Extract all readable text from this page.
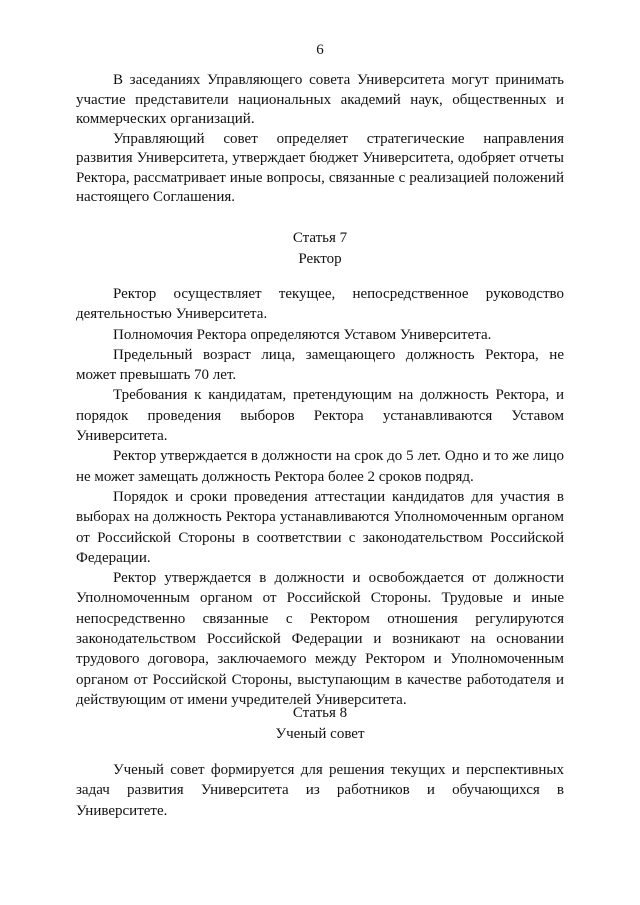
6

В заседаниях Управляющего совета Университета могут принимать участие представители национальных академий наук, общественных и коммерческих организаций.

Управляющий совет определяет стратегические направления развития Университета, утверждает бюджет Университета, одобряет отчеты Ректора, рассматривает иные вопросы, связанные с реализацией положений настоящего Соглашения.

Статья 7

Ректор

Ректор осуществляет текущее, непосредственное руководство деятельностью Университета.

Полномочия Ректора определяются Уставом Университета.

Предельный возраст лица, замещающего должность Ректора, не может превышать 70 лет.

Требования к кандидатам, претендующим на должность Ректора, и порядок проведения выборов Ректора устанавливаются Уставом Университета.

Ректор утверждается в должности на срок до 5 лет. Одно и то же лицо не может замещать должность Ректора более 2 сроков подряд.

Порядок и сроки проведения аттестации кандидатов для участия в выборах на должность Ректора устанавливаются Уполномоченным органом от Российской Стороны в соответствии с законодательством Российской Федерации.

Ректор утверждается в должности и освобождается от должности Уполномоченным органом от Российской Стороны. Трудовые и иные непосредственно связанные с Ректором отношения регулируются законодательством Российской Федерации и возникают на основании трудового договора, заключаемого между Ректором и Уполномоченным органом от Российской Стороны, выступающим в качестве работодателя и действующим от имени учредителей Университета.

Статья 8

Ученый совет

Ученый совет формируется для решения текущих и перспективных задач развития Университета из работников и обучающихся в Университете.
